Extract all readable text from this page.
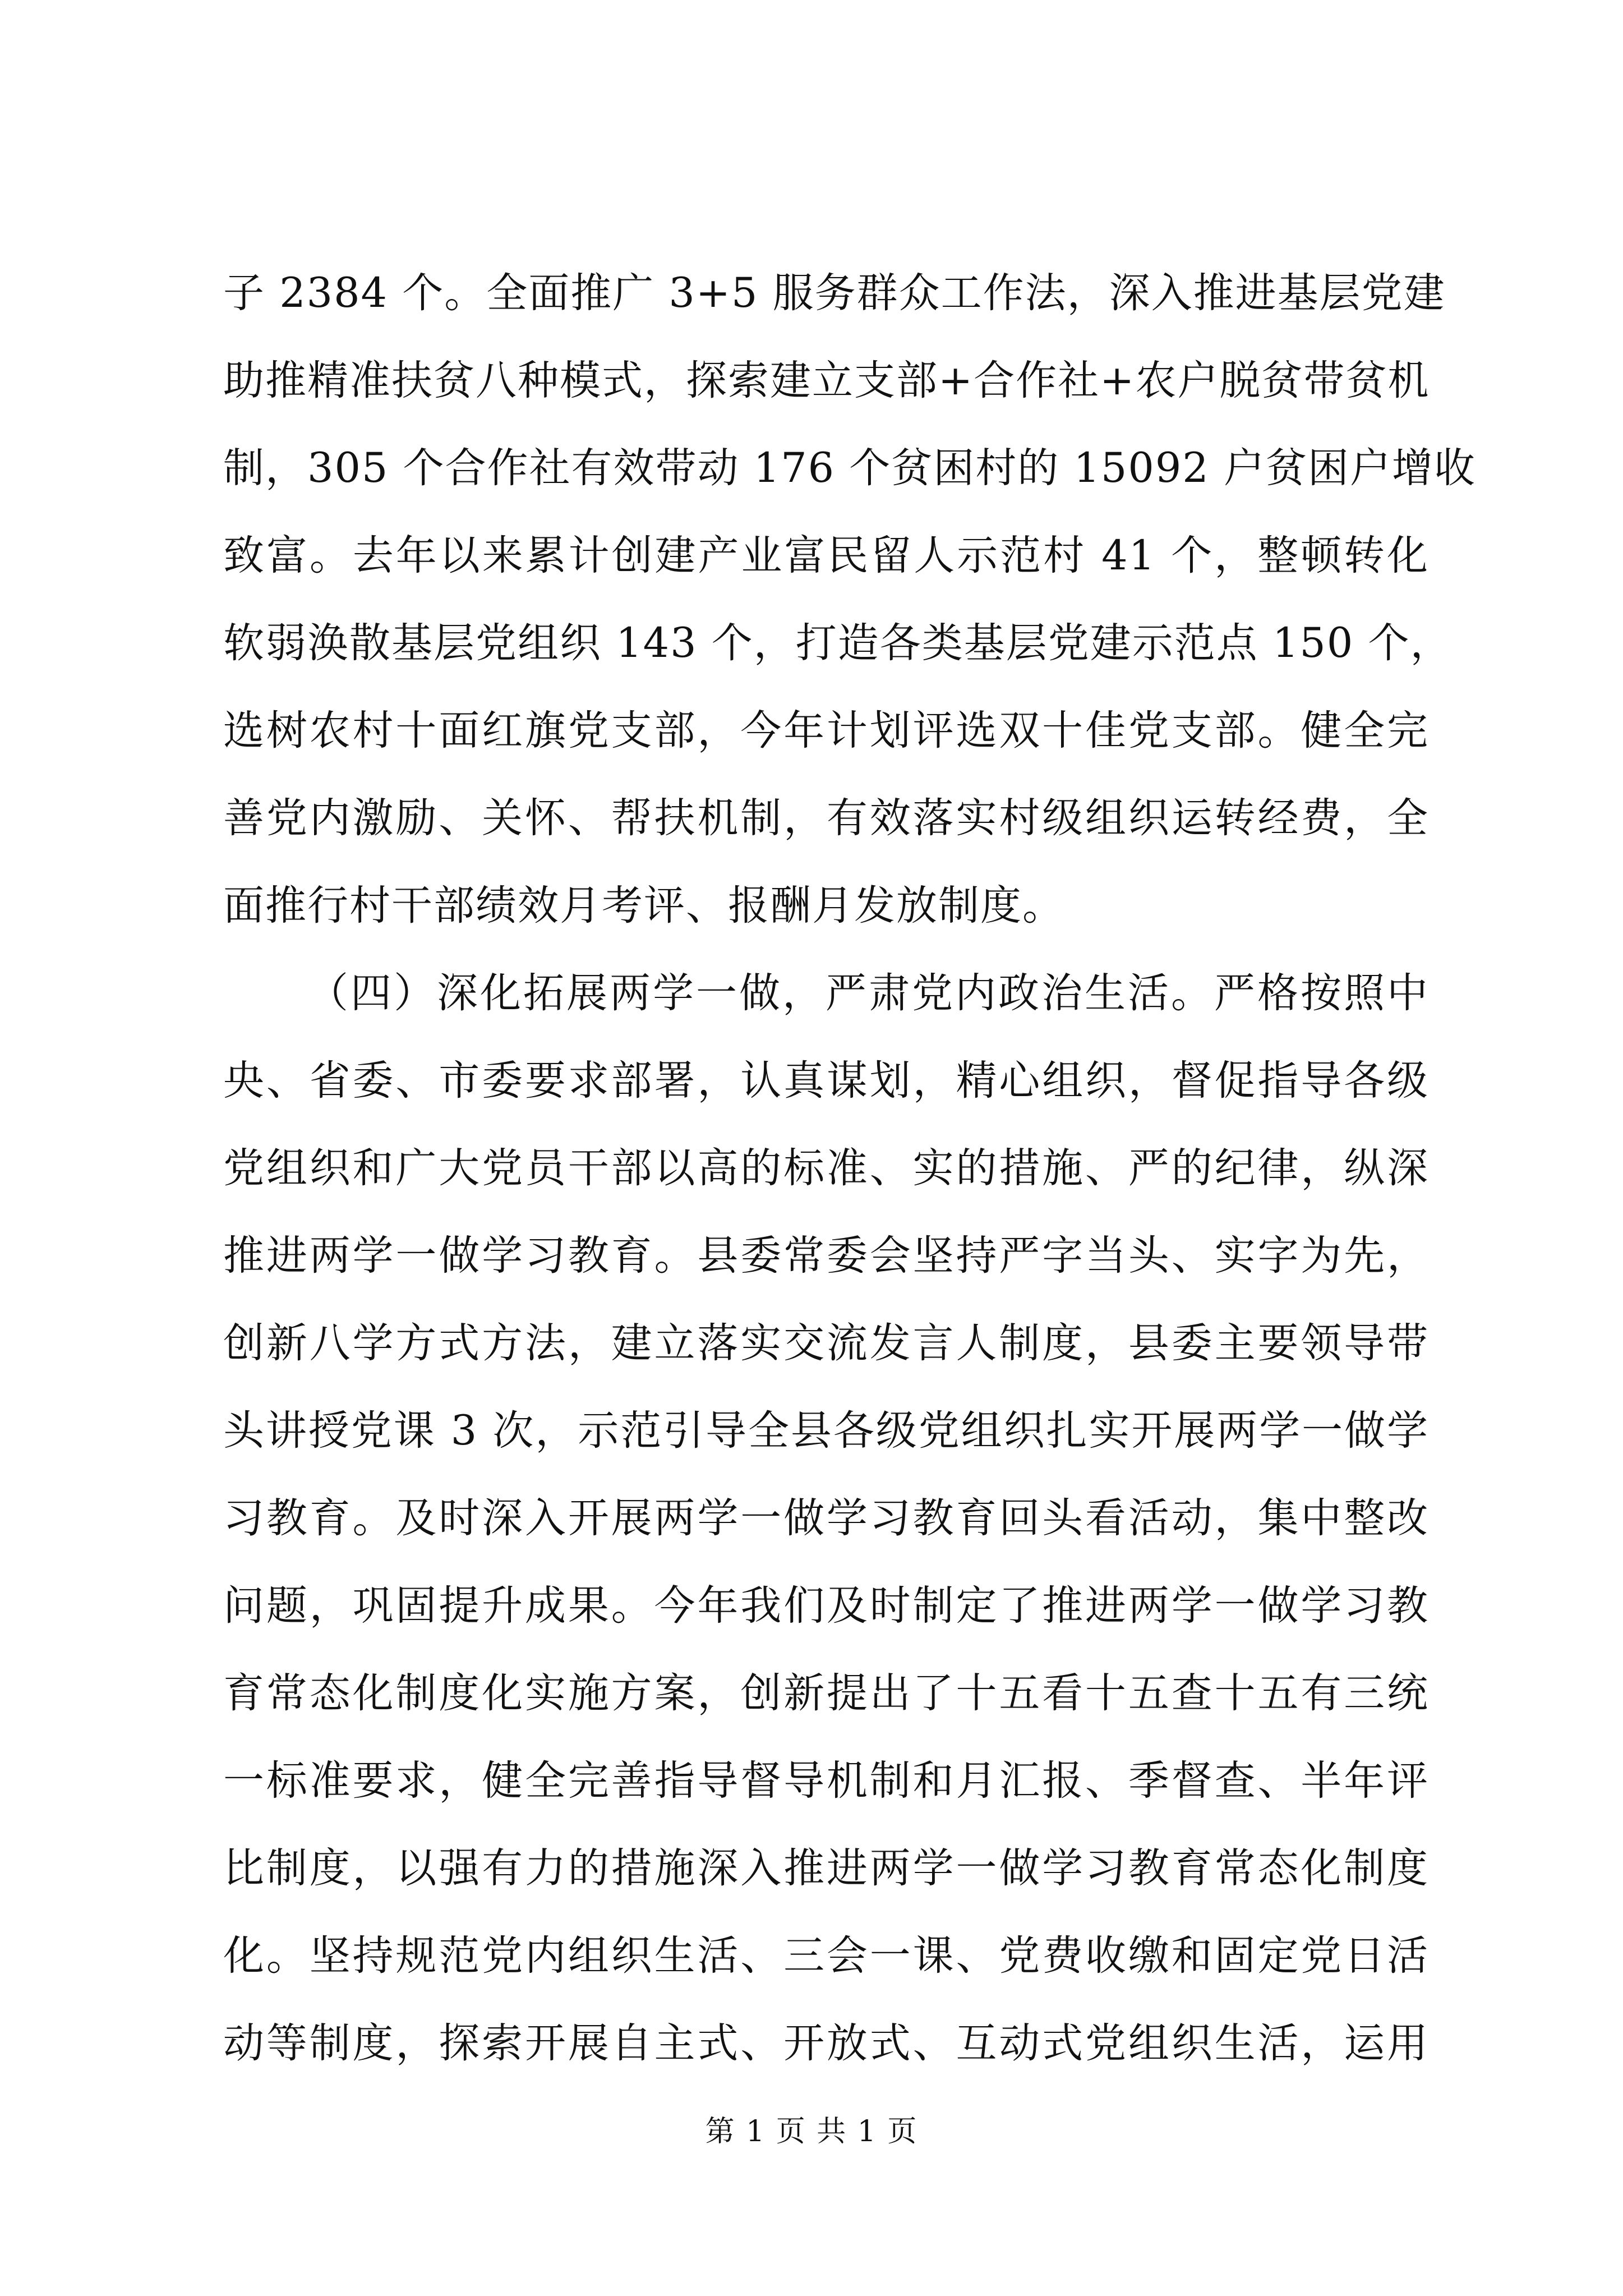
子 2384 个。全面推广 3+5 服务群众工作法，深入推进基层党建
助推精准扶贫八种模式，探索建立支部+合作社+农户脱贫带贫机
制，305 个合作社有效带动 176 个贫困村的 15092 户贫困户增收
致富。去年以来累计创建产业富民留人示范村 41 个，整顿转化
软弱涣散基层党组织 143 个，打造各类基层党建示范点 150 个，
选树农村十面红旗党支部，今年计划评选双十佳党支部。健全完
善党内激励、关怀、帮扶机制，有效落实村级组织运转经费，全
面推行村干部绩效月考评、报酬月发放制度。
（四）深化拓展两学一做，严肃党内政治生活。严格按照中
央、省委、市委要求部署，认真谋划，精心组织，督促指导各级
党组织和广大党员干部以高的标准、实的措施、严的纪律，纵深
推进两学一做学习教育。县委常委会坚持严字当头、实字为先，
创新八学方式方法，建立落实交流发言人制度，县委主要领导带
头讲授党课 3 次，示范引导全县各级党组织扎实开展两学一做学
习教育。及时深入开展两学一做学习教育回头看活动，集中整改
问题，巩固提升成果。今年我们及时制定了推进两学一做学习教
育常态化制度化实施方案，创新提出了十五看十五查十五有三统
一标准要求，健全完善指导督导机制和月汇报、季督查、半年评
比制度，以强有力的措施深入推进两学一做学习教育常态化制度
化。坚持规范党内组织生活、三会一课、党费收缴和固定党日活
动等制度，探索开展自主式、开放式、互动式党组织生活，运用
第 1 页 共 1 页
